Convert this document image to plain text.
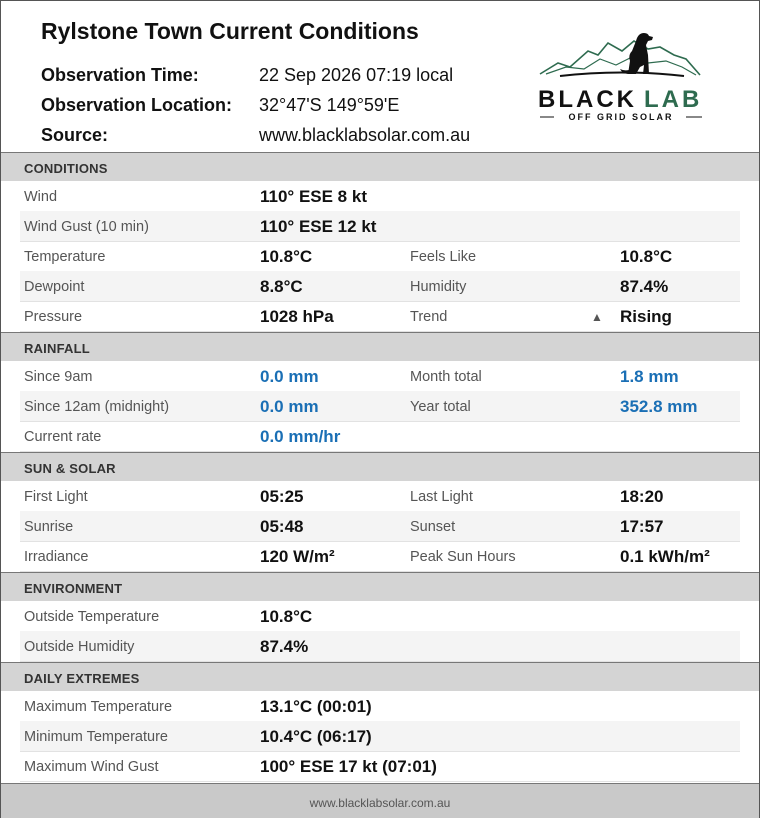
Rylstone Town Current Conditions
Observation Time:	22 Sep 2026 07:19 local
Observation Location: 32°47'S 149°59'E
Source:	www.blacklabsolar.com.au
BLACK LAB
OFF GRID SOLAR
CONDITIONS
Wind	110° ESE 8 kt
Wind Gust (10 min)	110° ESE 12 kt
Temperature	10.8°C	Feels Like	10.8°C
Dewpoint	8.8°C	Humidity	87.4%
Pressure	1028 hPa	Trend	▲ Rising
RAINFALL
Since 9am	0.0 mm	Month total	1.8 mm
Since 12am (midnight)	0.0 mm	Year total	352.8 mm
Current rate	0.0 mm/hr
SUN & SOLAR
First Light	05:25	Last Light	18:20
Sunrise	05:48	Sunset	17:57
Irradiance	120 W/m²	Peak Sun Hours	0.1 kWh/m²
ENVIRONMENT
Outside Temperature	10.8°C
Outside Humidity	87.4%
DAILY EXTREMES
Maximum Temperature	13.1°C (00:01)
Minimum Temperature	10.4°C (06:17)
Maximum Wind Gust	100° ESE 17 kt (07:01)
www.blacklabsolar.com.au
